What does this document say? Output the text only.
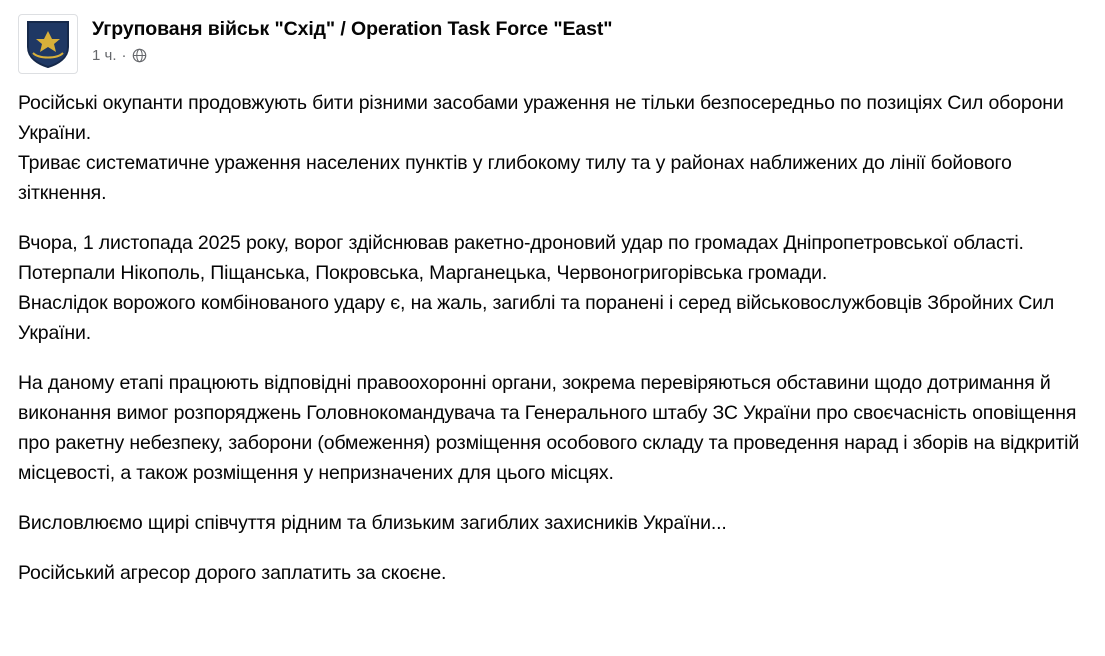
Угрупованя військ "Схід" / Operation Task Force "East"
1 ч. ·

Російські окупанти продовжують бити різними засобами ураження не тільки безпосередньо по позиціях Сил оборони України.

Триває систематичне ураження населених пунктів у глибокому тилу та у районах наближених до лінії бойового зіткнення.

Вчора, 1 листопада 2025 року, ворог здійснював ракетно-дроновий удар по громадах Дніпропетровської області. Потерпали Нікополь, Піщанська, Покровська, Марганецька, Червоногригорівська громади.

Внаслідок ворожого комбінованого удару є, на жаль, загиблі та поранені і серед військовослужбовців Збройних Сил України.

На даному етапі працюють відповідні правоохоронні органи, зокрема перевіряються обставини щодо дотримання й виконання вимог розпоряджень Головнокомандувача та Генерального штабу ЗС України про своєчасність оповіщення про ракетну небезпеку, заборони (обмеження) розміщення особового складу та проведення нарад і зборів на відкритій місцевості, а також розміщення у непризначених для цього місцях.

Висловлюємо щирі співчуття рідним та близьким загиблих захисників України...

Російський агресор дорого заплатить за скоєне.
